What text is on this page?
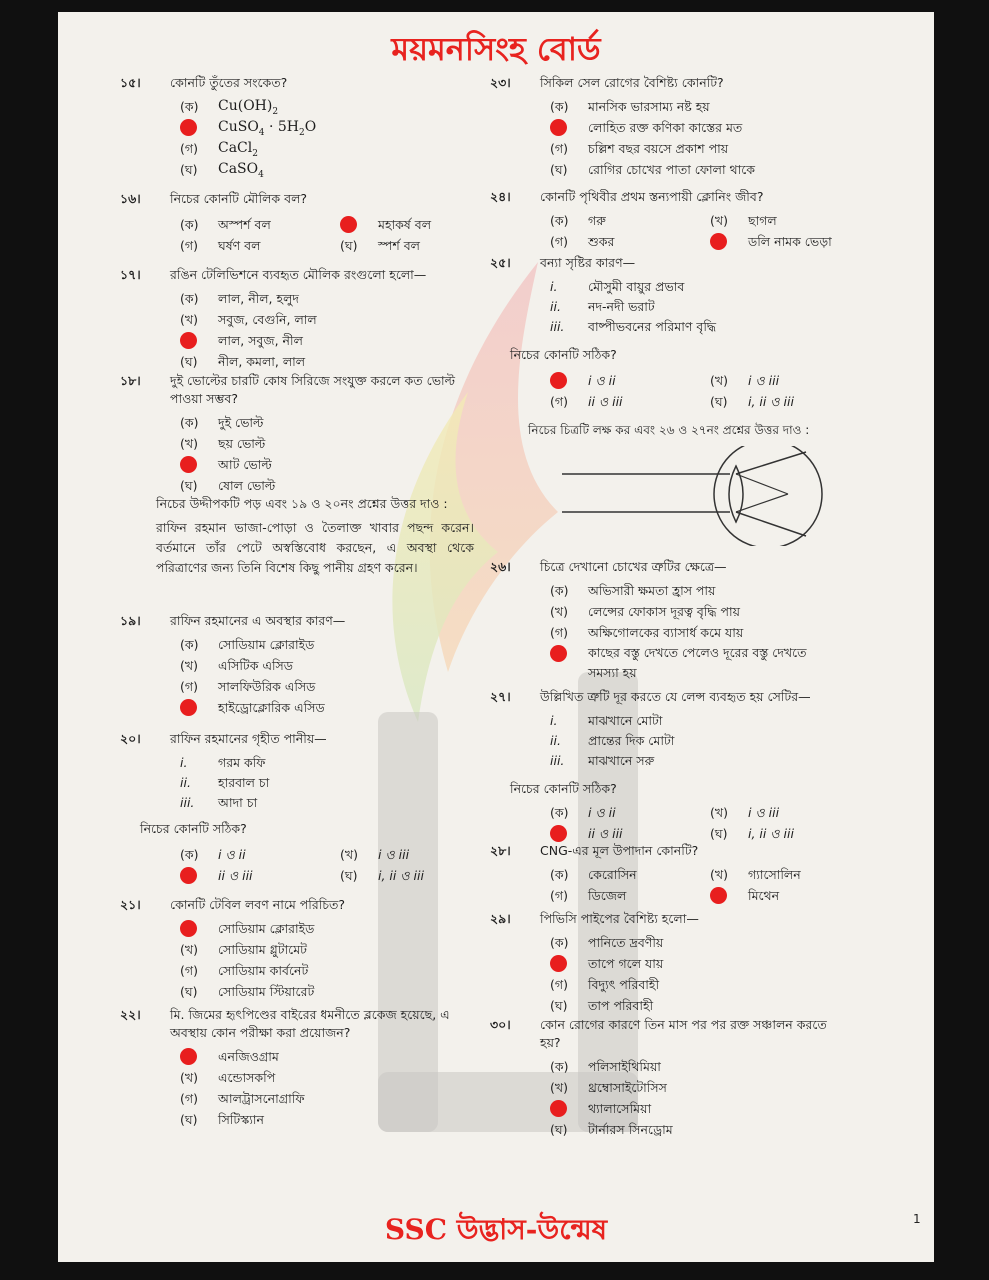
ময়মনসিংহ বোর্ড
১৫।	কোনটি তুঁতের সংকেত?
(ক)	$Cu(OH)_2$
CuSO$_4$ · $5H_2O$
(গ)	CaCl$_2$
(ঘ)	CaSO$_4$
১৬।	নিচের কোনটি মৌলিক বল?
(ক)	অস্পর্শ বল	মহাকর্ষ বল
(গ)	ঘর্ষণ বল	(ঘ)	স্পর্শ বল
১৭।	রঙিন টেলিভিশনে ব্যবহৃত মৌলিক রংগুলো হলো—
(ক)	লাল, নীল, হলুদ
(খ)	সবুজ, বেগুনি, লাল
লাল, সবুজ, নীল
(ঘ)	নীল, কমলা, লাল
১৮।	দুই ভোল্টের চারটি কোষ সিরিজে সংযুক্ত করলে কত ভোল্ট পাওয়া সম্ভব?
(ক)	দুই ভোল্ট
(খ)	ছয় ভোল্ট
আট ভোল্ট
(ঘ)	ষোল ভোল্ট
নিচের উদ্দীপকটি পড় এবং ১৯ ও ২০নং প্রশ্নের উত্তর দাও :
রাফিন রহমান ভাজা-পোড়া ও তৈলাক্ত খাবার পছন্দ করেন। বর্তমানে তাঁর পেটে অস্বস্তিবোধ করছেন, এ অবস্থা থেকে পরিত্রাণের জন্য তিনি বিশেষ কিছু পানীয় গ্রহণ করেন।
১৯।	রাফিন রহমানের এ অবস্থার কারণ—
(ক)	সোডিয়াম ক্লোরাইড
(খ)	এসিটিক এসিড
(গ)	সালফিউরিক এসিড
হাইড্রোক্লোরিক এসিড
২০।	রাফিন রহমানের গৃহীত পানীয়—
i.	গরম কফি
ii.	হারবাল চা
iii.	আদা চা
নিচের কোনটি সঠিক?
(ক)	i ও ii	(খ)	i ও iii
ii ও iii	(ঘ)	i, ii ও iii
২১।	কোনটি টেবিল লবণ নামে পরিচিত?
সোডিয়াম ক্লোরাইড
(খ)	সোডিয়াম গ্লুটামেট
(গ)	সোডিয়াম কার্বনেট
(ঘ)	সোডিয়াম স্টিয়ারেট
২২।	মি. জিমের হৃৎপিণ্ডের বাইরের ধমনীতে ব্লকেজ হয়েছে, এ অবস্থায় কোন পরীক্ষা করা প্রয়োজন?
এনজিওগ্রাম
(খ)	এন্ডোসকপি
(গ)	আলট্রাসনোগ্রাফি
(ঘ)	সিটিস্ক্যান
২৩।	সিকিল সেল রোগের বৈশিষ্ট্য কোনটি?
(ক)	মানসিক ভারসাম্য নষ্ট হয়
লোহিত রক্ত কণিকা কাস্তের মত
(গ)	চল্লিশ বছর বয়সে প্রকাশ পায়
(ঘ)	রোগির চোখের পাতা ফোলা থাকে
২৪।	কোনটি পৃথিবীর প্রথম স্তন্যপায়ী ক্লোনিং জীব?
(ক)	গরু	(খ)	ছাগল
(গ)	শুকর	ডলি নামক ভেড়া
২৫।	বন্যা সৃষ্টির কারণ—
i.	মৌসুমী বায়ুর প্রভাব
ii.	নদ-নদী ভরাট
iii.	বাষ্পীভবনের পরিমাণ বৃদ্ধি
নিচের কোনটি সঠিক?
i ও ii	(খ)	i ও iii
(গ)	ii ও iii	(ঘ)	i, ii ও iii
নিচের চিত্রটি লক্ষ কর এবং ২৬ ও ২৭নং প্রশ্নের উত্তর দাও :
২৬।	চিত্রে দেখানো চোখের ত্রুটির ক্ষেত্রে—
(ক)	অভিসারী ক্ষমতা হ্রাস পায়
(খ)	লেন্সের ফোকাস দূরত্ব বৃদ্ধি পায়
(গ)	অক্ষিগোলকের ব্যাসার্ধ কমে যায়
কাছের বস্তু দেখতে পেলেও দূরের বস্তু দেখতে সমস্যা হয়
২৭।	উল্লিখিত ত্রুটি দূর করতে যে লেন্স ব্যবহৃত হয় সেটির—
i.	মাঝখানে মোটা
ii.	প্রান্তের দিক মোটা
iii.	মাঝখানে সরু
নিচের কোনটি সঠিক?
(ক)	i ও ii	(খ)	i ও iii
ii ও iii	(ঘ)	i, ii ও iii
২৮।	CNG-এর মূল উপাদান কোনটি?
(ক)	কেরোসিন	(খ)	গ্যাসোলিন
(গ)	ডিজেল	মিথেন
২৯।	পিভিসি পাইপের বৈশিষ্ট্য হলো—
(ক)	পানিতে দ্রবণীয়
তাপে গলে যায়
(গ)	বিদ্যুৎ পরিবাহী
(ঘ)	তাপ পরিবাহী
৩০।	কোন রোগের কারণে তিন মাস পর পর রক্ত সঞ্চালন করতে হয়?
(ক)	পলিসাইথিমিয়া
(খ)	থ্রম্বোসাইটোসিস
থ্যালাসেমিয়া
(ঘ)	টার্নারস সিনড্রোম
SSC উদ্ভাস-উন্মেষ	1
